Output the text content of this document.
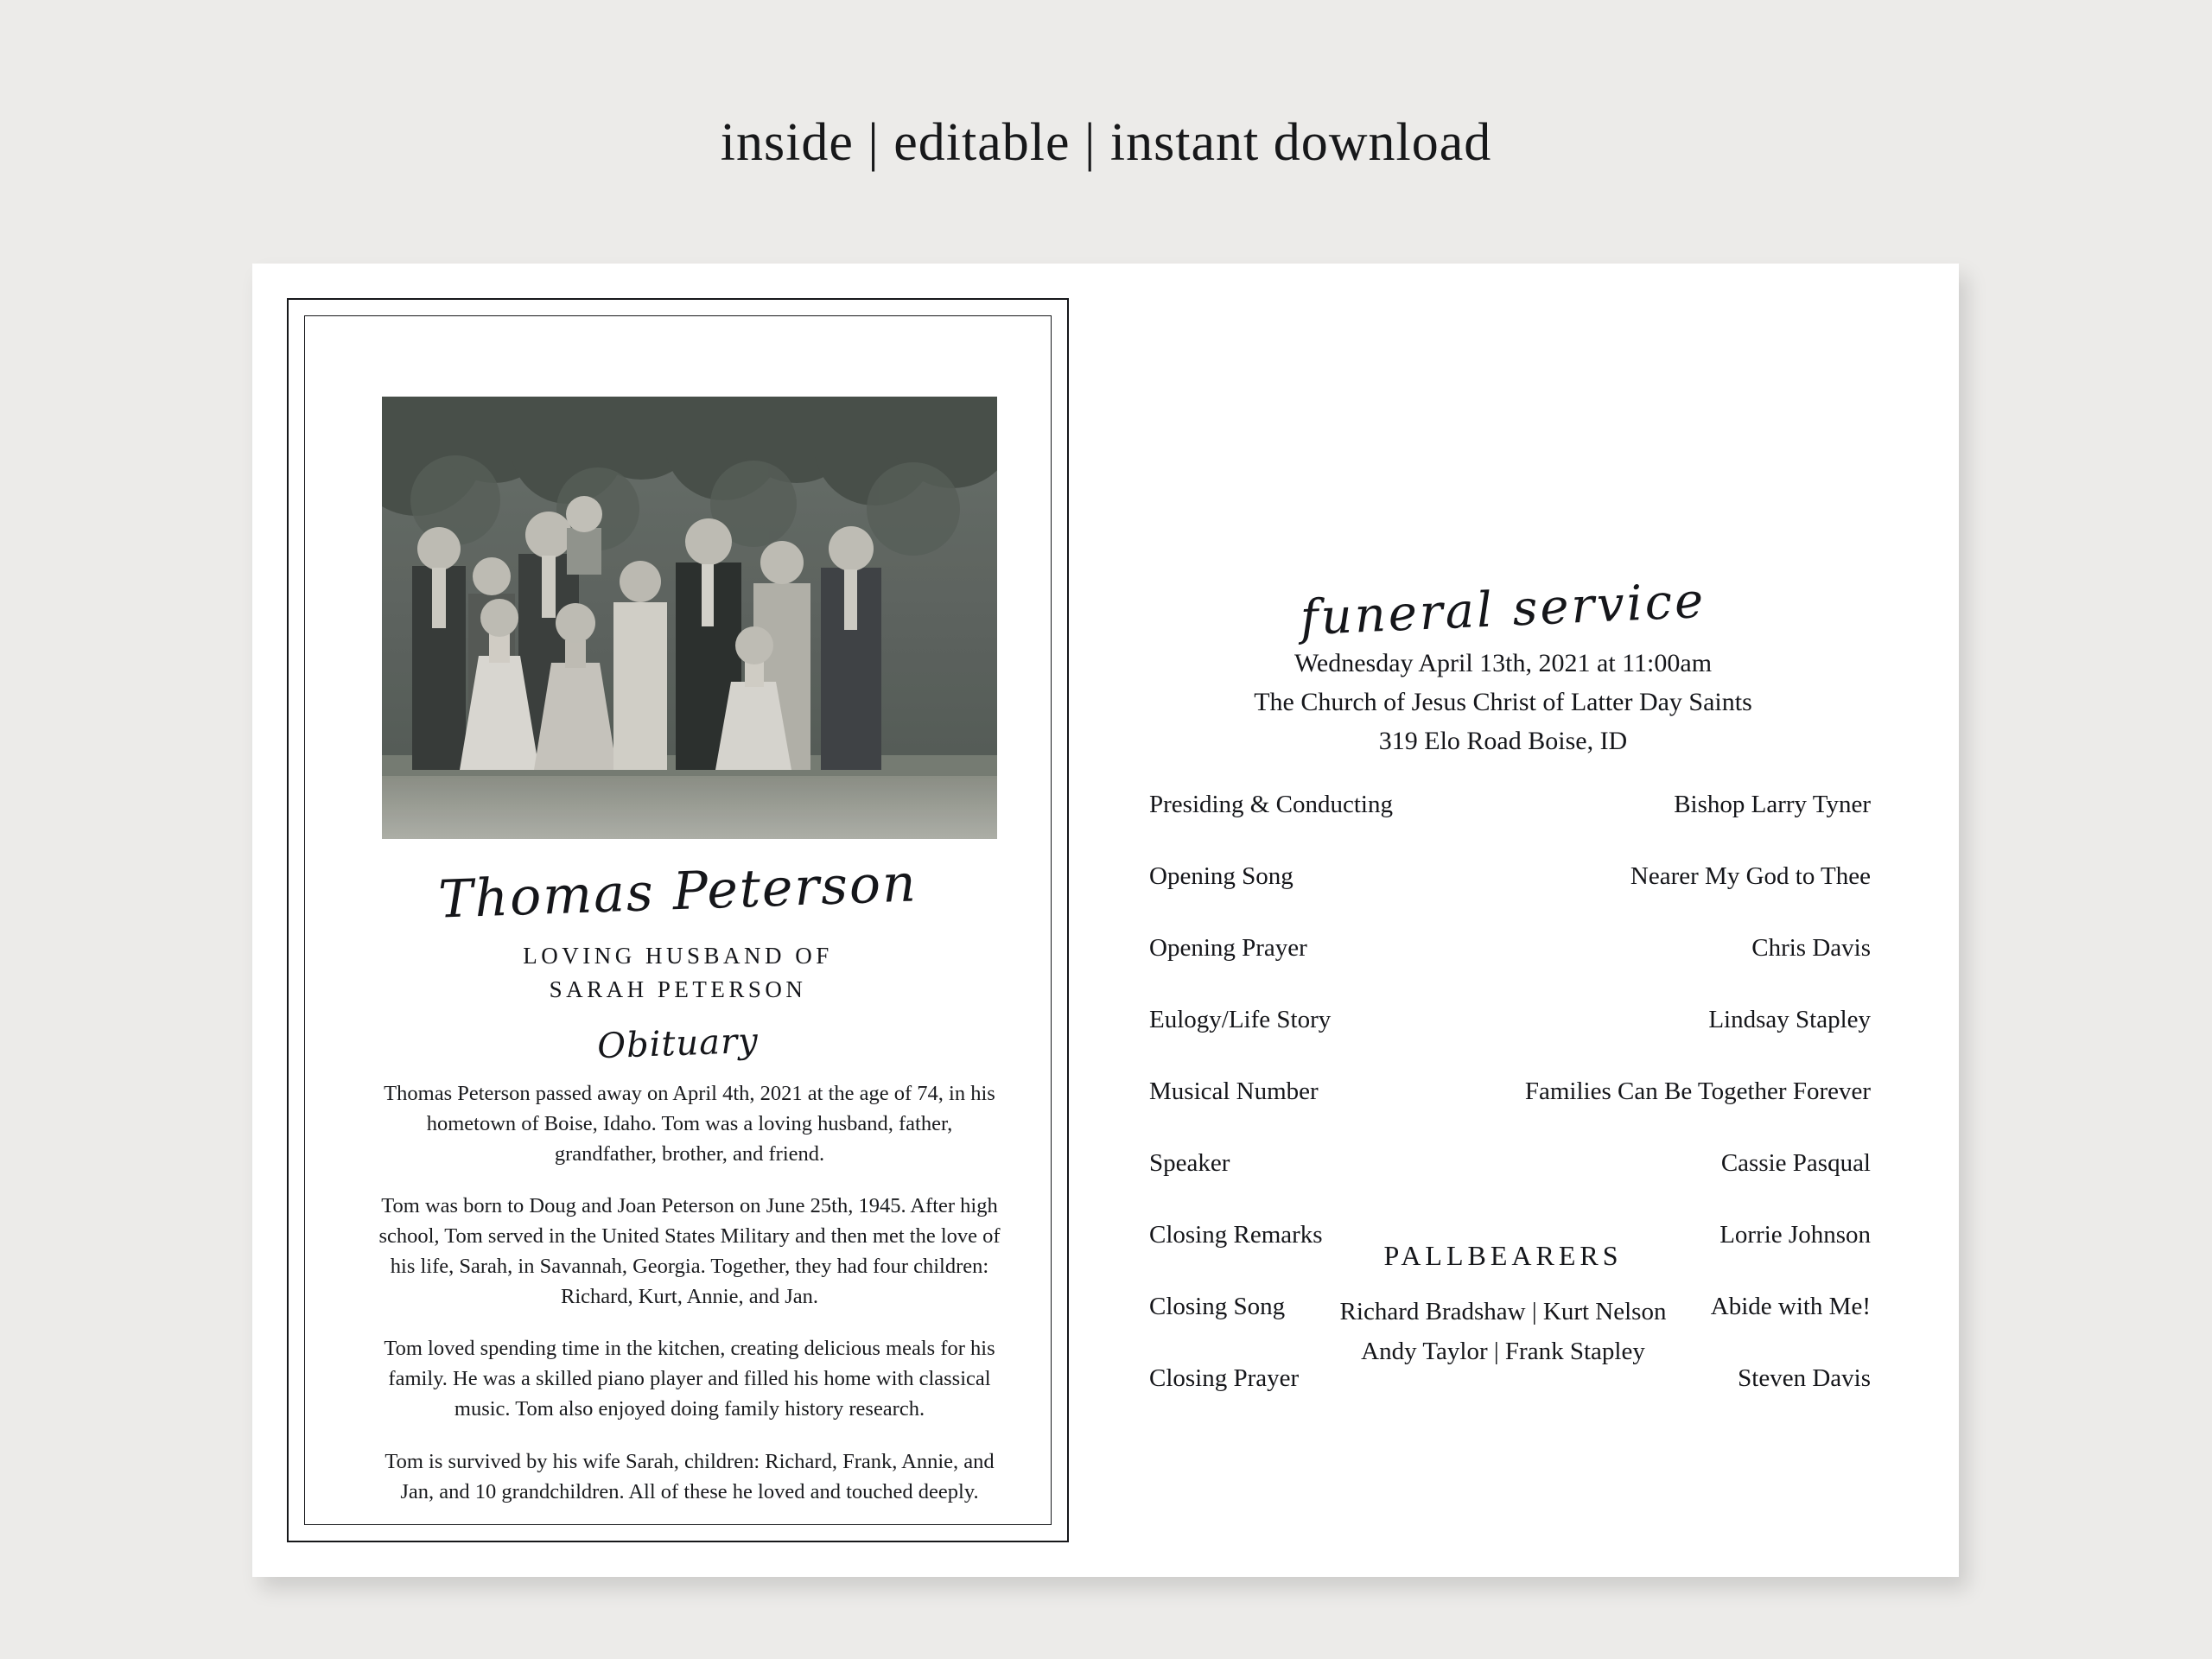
inside | editable | instant download
Thomas Peterson
LOVING HUSBAND OF
SARAH PETERSON
Obituary

Thomas Peterson passed away on April 4th, 2021 at the age of 74, in his hometown of Boise, Idaho. Tom was a loving husband, father, grandfather, brother, and friend.

Tom was born to Doug and Joan Peterson on June 25th, 1945. After high school, Tom served in the United States Military and then met the love of his life, Sarah, in Savannah, Georgia. Together, they had four children: Richard, Kurt, Annie, and Jan.

Tom loved spending time in the kitchen, creating delicious meals for his family. He was a skilled piano player and filled his home with classical music. Tom also enjoyed doing family history research.

Tom is survived by his wife Sarah, children: Richard, Frank, Annie, and Jan, and 10 grandchildren. All of these he loved and touched deeply.

funeral service
Wednesday April 13th, 2021 at 11:00am
The Church of Jesus Christ of Latter Day Saints
319 Elo Road Boise, ID
Presiding & Conducting	Bishop Larry Tyner
Opening Song	Nearer My God to Thee
Opening Prayer	Chris Davis
Eulogy/Life Story	Lindsay Stapley
Musical Number	Families Can Be Together Forever
Speaker	Cassie Pasqual
Closing Remarks	Lorrie Johnson
Closing Song	Abide with Me!
Closing Prayer	Steven Davis
PALLBEARERS
Richard Bradshaw | Kurt Nelson
Andy Taylor | Frank Stapley
